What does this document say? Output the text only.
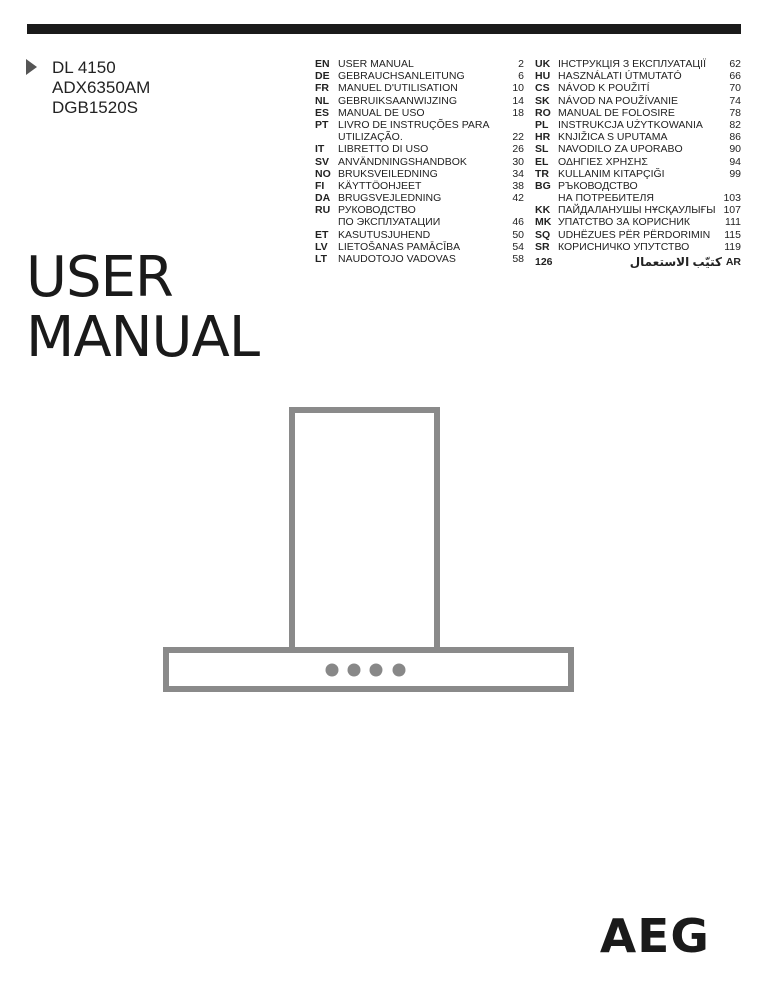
DL 4150
ADX6350AM
DGB1520S
USER
MANUAL
EN USER MANUAL	2
DE GEBRAUCHSANLEITUNG	6
FR MANUEL D'UTILISATION	10
NL GEBRUIKSAANWIJZING	14
ES MANUAL DE USO	18
PT LIVRO DE INSTRUÇÕES PARA
UTILIZAÇÃO.	22
IT LIBRETTO DI USO	26
SV ANVÄNDNINGSHANDBOK	30
NO BRUKSVEILEDNING	34
FI KÄYTTÖOHJEET	38
DA BRUGSVEJLEDNING	42
RU РУКОВОДСТВО
ПО ЭКСПЛУАТАЦИИ	46
ET KASUTUSJUHEND	50
LV LIETOŠANAS PAMĀCĪBA	54
LT NAUDOTOJO VADOVAS	58
UK ІНСТРУКЦІЯ З ЕКСПЛУАТАЦІЇ 62
HU HASZNÁLATI ÚTMUTATÓ	66
CS NÁVOD K POUŽITÍ	70
SK NÁVOD NA POUŽÍVANIE	74
RO MANUAL DE FOLOSIRE	78
PL INSTRUKCJA UŻYTKOWANIA	82
HR KNJIŽICA S UPUTAMA	86
SL NAVODILO ZA UPORABO	90
EL ΟΔΗΓΙΕΣ ΧΡΗΣΗΣ	94
TR KULLANIM KITAPÇIĞI	99
BG РЪКОВОДСТВО
НА ПОТРЕБИТЕЛЯ	103
KK ПАЙДАЛАНУШЫ НҰСҚАУЛЫҒЫ 107
MK УПАТСТВО ЗА КОРИСНИК	111
SQ UDHËZUES PËR PËRDORIMIN 115
SR КОРИСНИЧКО УПУТСТВО	119
126	كتيّب الاستعمال AR
AEG
